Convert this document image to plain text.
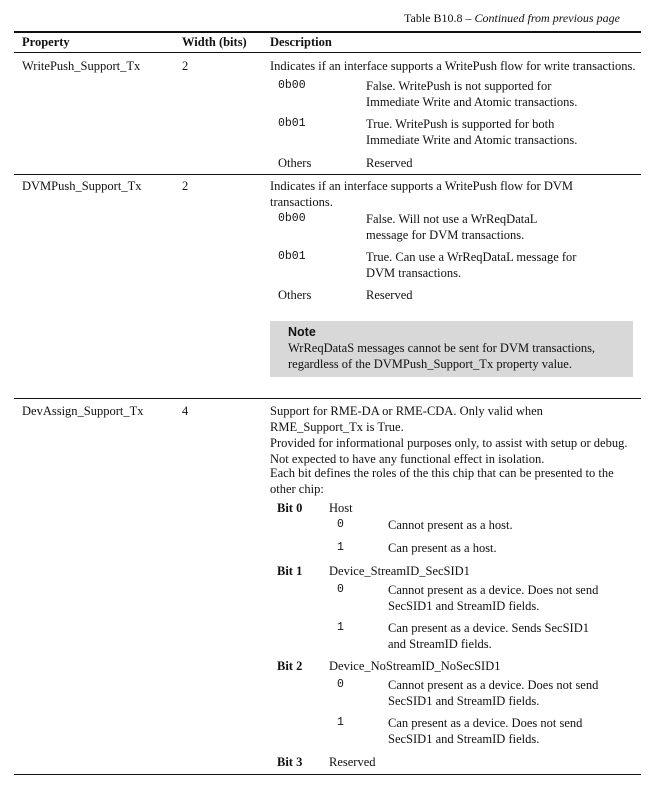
Table B10.8 – Continued from previous page
Property	Width (bits) Description
WritePush_Support_Tx	2	Indicates if an interface supports a WritePush flow for write transactions.
0b00	False. WritePush is not supported for
Immediate Write and Atomic transactions.
0b01	True. WritePush is supported for both
Immediate Write and Atomic transactions.
Others	Reserved
DVMPush_Support_Tx	2	Indicates if an interface supports a WritePush flow for DVM
transactions.
0b00	False. Will not use a WrReqDataL
message for DVM transactions.
0b01	True. Can use a WrReqDataL message for
DVM transactions.
Others	Reserved
Note
WrReqDataS messages cannot be sent for DVM transactions,
regardless of the DVMPush_Support_Tx property value.
DevAssign_Support_Tx	4	Support for RME-DA or RME-CDA. Only valid when
RME_Support_Tx is True.
Provided for informational purposes only, to assist with setup or debug.
Not expected to have any functional effect in isolation.
Each bit defines the roles of the this chip that can be presented to the
other chip:
Bit 0 Host
0	Cannot present as a host.
1	Can present as a host.
Bit 1 Device_StreamID_SecSID1
0	Cannot present as a device. Does not send
SecSID1 and StreamID fields.
1	Can present as a device. Sends SecSID1
and StreamID fields.
Bit 2 Device_NoStreamID_NoSecSID1
0	Cannot present as a device. Does not send
SecSID1 and StreamID fields.
1	Can present as a device. Does not send
SecSID1 and StreamID fields.
Bit 3 Reserved
